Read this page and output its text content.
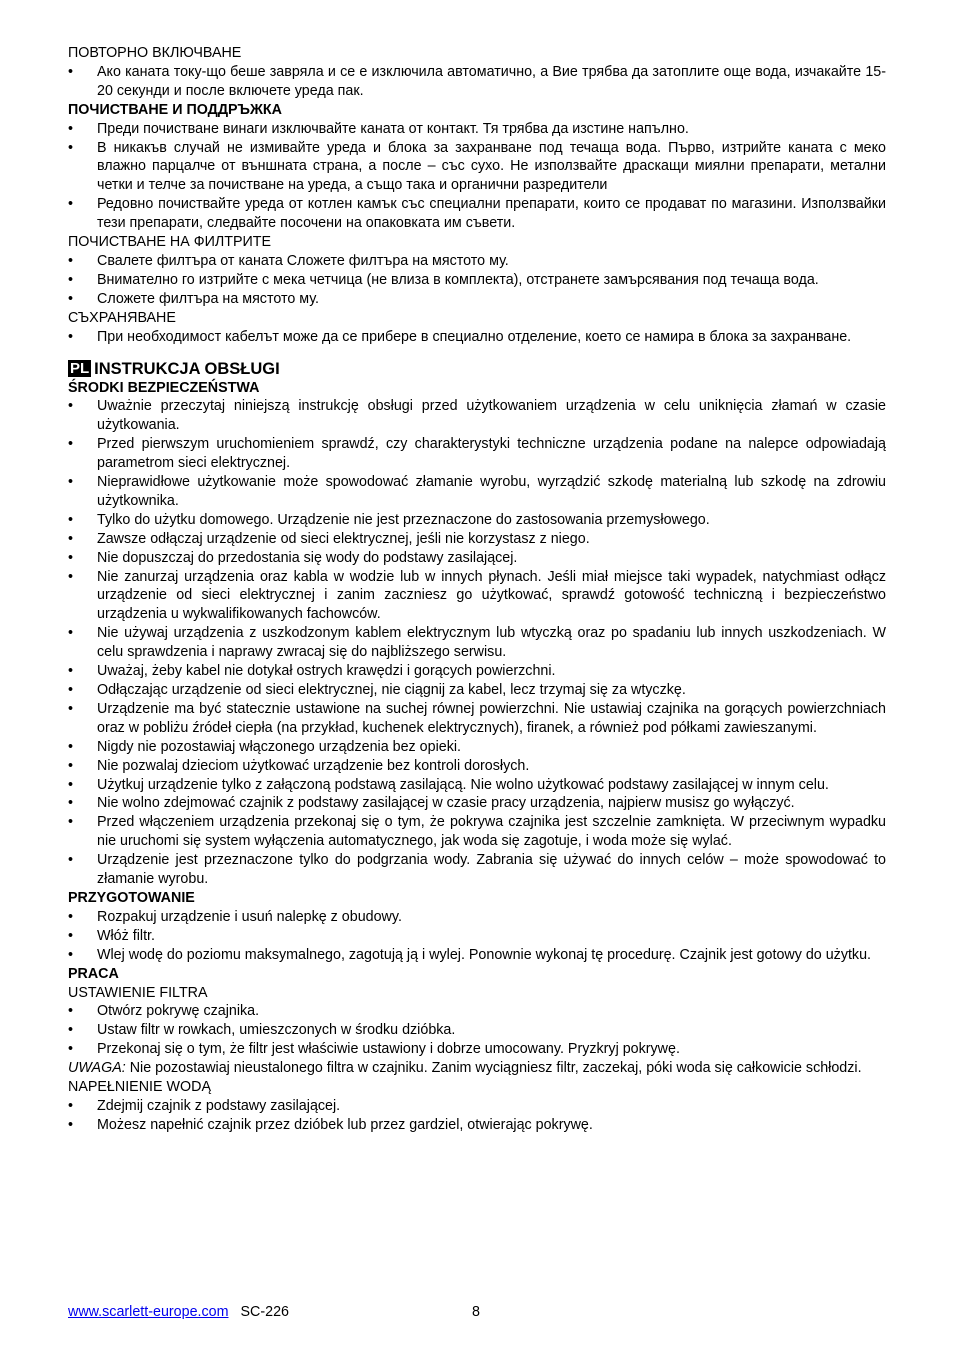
ПОВТОРНО ВКЛЮЧВАНЕ

• Ако каната току-що беше завряла и се е изключила автоматично, а Вие трябва да затоплите още вода, изчакайте 15-20 секунди и после включете уреда пак.

ПОЧИСТВАНЕ И ПОДДРЪЖКА

• Преди почистване винаги изключвайте каната от контакт. Тя трябва да изстине напълно.
• В никакъв случай не измивайте уреда и блока за захранване под течаща вода. Първо, изтрийте каната с меко влажно парцалче от външната страна, а после – със сухо. Не използвайте драскащи миялни препарати, метални четки и телче за почистване на уреда, а също така и органични разредители
• Редовно почиствайте уреда от котлен камък със специални препарати, които се продават по магазини. Използвайки тези препарати, следвайте посочени на опаковката им съвети.

ПОЧИСТВАНЕ НА ФИЛТРИТЕ

• Свалете филтъра от каната Сложете филтъра на мястото му.
• Внимателно го изтрийте с мека четчица (не влиза в комплекта), отстранете замърсявания под течаща вода.
• Сложете филтъра на мястото му.

СЪХРАНЯВАНЕ

• При необходимост кабелът може да се прибере в специално отделение, което се намира в блока за захранване.
PL INSTRUKCJA OBSŁUGI

ŚRODKI BEZPIECZEŃSTWA

• Uważnie przeczytaj niniejszą instrukcję obsługi przed użytkowaniem urządzenia w celu uniknięcia złamań w czasie użytkowania.
• Przed pierwszym uruchomieniem sprawdź, czy charakterystyki techniczne urządzenia podane na nalepce odpowiadają parametrom sieci elektrycznej.
• Nieprawidłowe użytkowanie może spowodować złamanie wyrobu, wyrządzić szkodę materialną lub szkodę na zdrowiu użytkownika.
• Tylko do użytku domowego. Urządzenie nie jest przeznaczone do zastosowania przemysłowego.
• Zawsze odłączaj urządzenie od sieci elektrycznej, jeśli nie korzystasz z niego.
• Nie dopuszczaj do przedostania się wody do podstawy zasilającej.
• Nie zanurzaj urządzenia oraz kabla w wodzie lub w innych płynach. Jeśli miał miejsce taki wypadek, natychmiast odłącz urządzenie od sieci elektrycznej i zanim zaczniesz go użytkować, sprawdź gotowość techniczną i bezpieczeństwo urządzenia u wykwalifikowanych fachowców.
• Nie używaj urządzenia z uszkodzonym kablem elektrycznym lub wtyczką oraz po spadaniu lub innych uszkodzeniach. W celu sprawdzenia i naprawy zwracaj się do najbliższego serwisu.
• Uważaj, żeby kabel nie dotykał ostrych krawędzi i gorących powierzchni.
• Odłączając urządzenie od sieci elektrycznej, nie ciągnij za kabel, lecz trzymaj się za wtyczkę.
• Urządzenie ma być statecznie ustawione na suchej równej powierzchni. Nie ustawiaj czajnika na gorących powierzchniach oraz w pobliżu źródeł ciepła (na przykład, kuchenek elektrycznych), firanek, a również pod półkami zawieszanymi.
• Nigdy nie pozostawiaj włączonego urządzenia bez opieki.
• Nie pozwalaj dzieciom użytkować urządzenie bez kontroli dorosłych.
• Użytkuj urządzenie tylko z załączoną podstawą zasilającą. Nie wolno użytkować podstawy zasilającej w innym celu.
• Nie wolno zdejmować czajnik z podstawy zasilającej w czasie pracy urządzenia, najpierw musisz go wyłączyć.
• Przed włączeniem urządzenia przekonaj się o tym, że pokrywa czajnika jest szczelnie zamknięta. W przeciwnym wypadku nie uruchomi się system wyłączenia automatycznego, jak woda się zagotuje, i woda może się wylać.
• Urządzenie jest przeznaczone tylko do podgrzania wody. Zabrania się używać do innych celów – może spowodować to złamanie wyrobu.

PRZYGOTOWANIE

• Rozpakuj urządzenie i usuń nalepkę z obudowy.
• Włóż filtr.
• Wlej wodę do poziomu maksymalnego, zagotują ją i wylej. Ponownie wykonaj tę procedurę. Czajnik jest gotowy do użytku.

PRACA

USTAWIENIE FILTRA

• Otwórz pokrywę czajnika.
• Ustaw filtr w rowkach, umieszczonych w środku dzióbka.
• Przekonaj się o tym, że filtr jest właściwie ustawiony i dobrze umocowany. Pryzkryj pokrywę.

UWAGA: Nie pozostawiaj nieustalonego filtra w czajniku. Zanim wyciągniesz filtr, zaczekaj, póki woda się całkowicie schłodzi.

NAPEŁNIENIE WODĄ

• Zdejmij czajnik z podstawy zasilającej.
• Możesz napełnić czajnik przez dzióbek lub przez gardziel, otwierając pokrywę.
www.scarlett-europe.com SC-226	8
